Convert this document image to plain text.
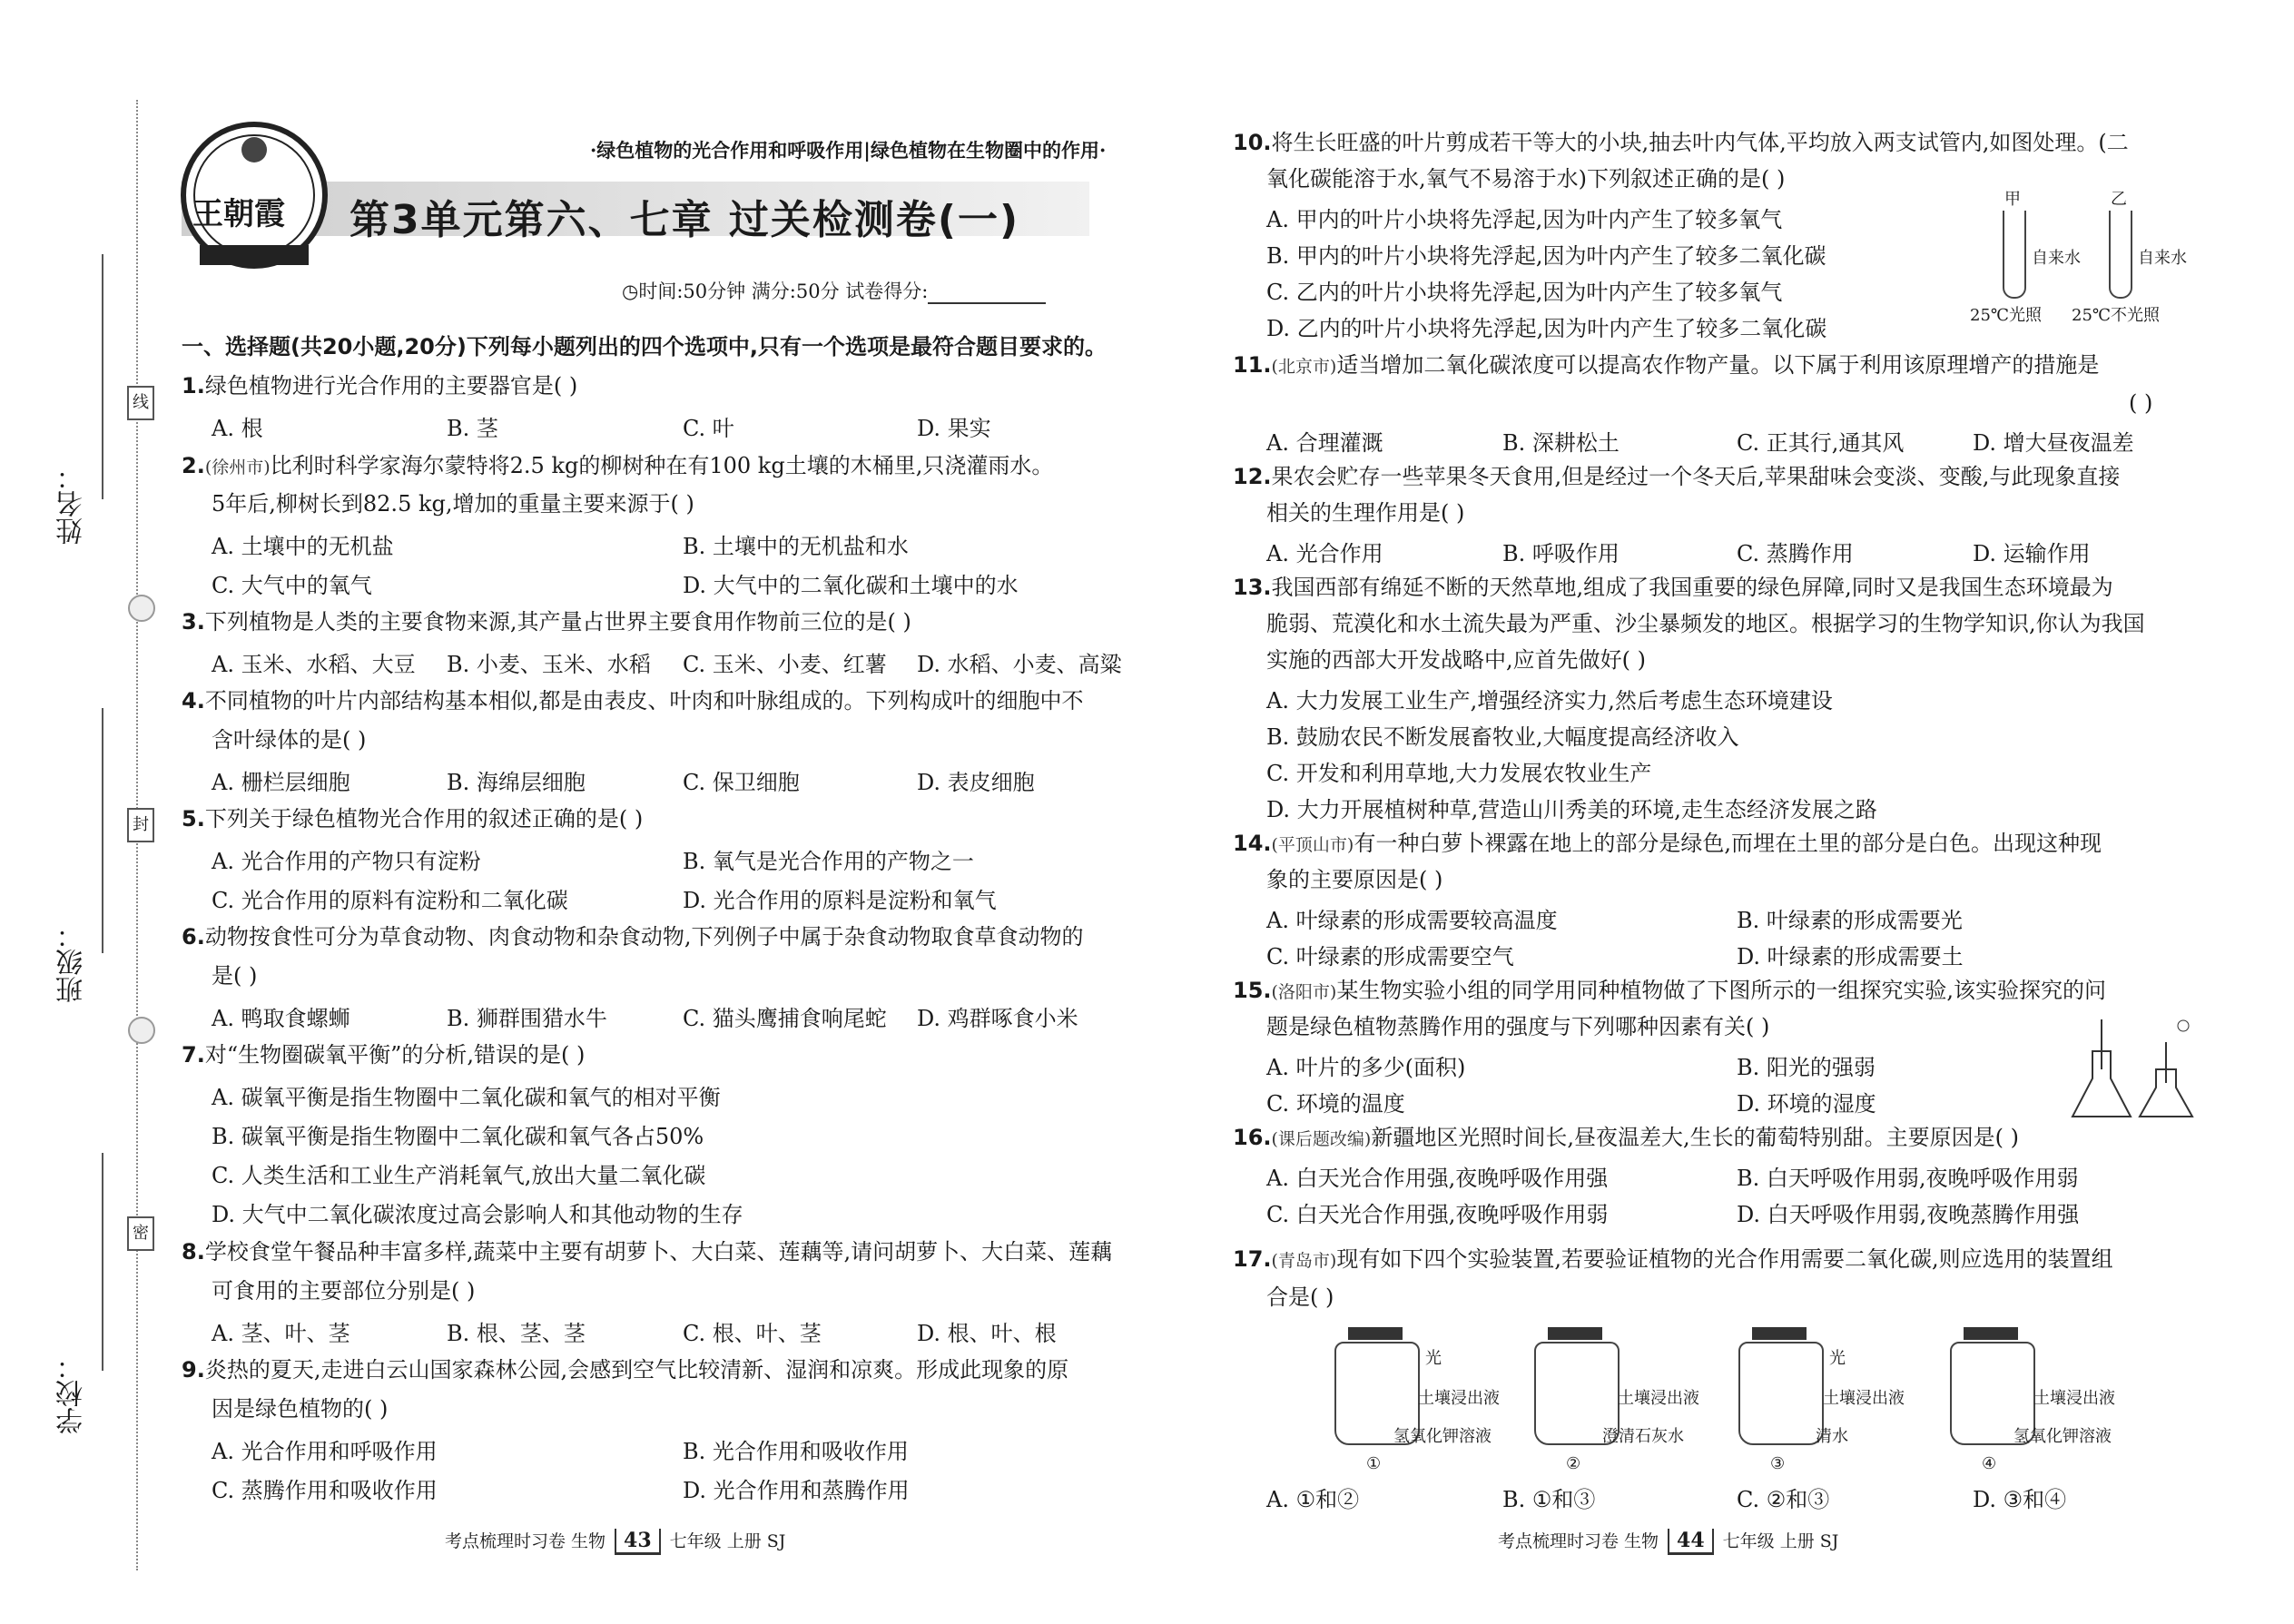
姓名：
班级：
学校：
线
封
密
王朝霞
·绿色植物的光合作用和呼吸作用|绿色植物在生物圈中的作用·
第3单元第六、七章 过关检测卷(一)
◷时间:50分钟 满分:50分 试卷得分:
一、选择题(共20小题,20分)下列每小题列出的四个选项中,只有一个选项是最符合题目要求的。
1.绿色植物进行光合作用的主要器官是( )
A. 根	B. 茎	C. 叶	D. 果实
2.(徐州市)比利时科学家海尔蒙特将2.5 kg的柳树种在有100 kg土壤的木桶里,只浇灌雨水。
5年后,柳树长到82.5 kg,增加的重量主要来源于( )
A. 土壤中的无机盐	B. 土壤中的无机盐和水
C. 大气中的氧气	D. 大气中的二氧化碳和土壤中的水
3.下列植物是人类的主要食物来源,其产量占世界主要食用作物前三位的是( )
A. 玉米、水稻、大豆 B. 小麦、玉米、水稻 C. 玉米、小麦、红薯 D. 水稻、小麦、高粱
4.不同植物的叶片内部结构基本相似,都是由表皮、叶肉和叶脉组成的。下列构成叶的细胞中不
含叶绿体的是( )
A. 栅栏层细胞	B. 海绵层细胞	C. 保卫细胞	D. 表皮细胞
5.下列关于绿色植物光合作用的叙述正确的是( )
A. 光合作用的产物只有淀粉	B. 氧气是光合作用的产物之一
C. 光合作用的原料有淀粉和二氧化碳	D. 光合作用的原料是淀粉和氧气
6.动物按食性可分为草食动物、肉食动物和杂食动物,下列例子中属于杂食动物取食草食动物的
是( )
A. 鸭取食螺蛳	B. 狮群围猎水牛	C. 猫头鹰捕食响尾蛇 D. 鸡群啄食小米
7.对“生物圈碳氧平衡”的分析,错误的是( )
A. 碳氧平衡是指生物圈中二氧化碳和氧气的相对平衡
B. 碳氧平衡是指生物圈中二氧化碳和氧气各占50%
C. 人类生活和工业生产消耗氧气,放出大量二氧化碳
D. 大气中二氧化碳浓度过高会影响人和其他动物的生存
8.学校食堂午餐品种丰富多样,蔬菜中主要有胡萝卜、大白菜、莲藕等,请问胡萝卜、大白菜、莲藕
可食用的主要部位分别是( )
A. 茎、叶、茎	B. 根、茎、茎	C. 根、叶、茎	D. 根、叶、根
9.炎热的夏天,走进白云山国家森林公园,会感到空气比较清新、湿润和凉爽。形成此现象的原
因是绿色植物的( )
A. 光合作用和呼吸作用	B. 光合作用和吸收作用
C. 蒸腾作用和吸收作用	D. 光合作用和蒸腾作用
10.将生长旺盛的叶片剪成若干等大的小块,抽去叶内气体,平均放入两支试管内,如图处理。(二
氧化碳能溶于水,氧气不易溶于水)下列叙述正确的是( )
A. 甲内的叶片小块将先浮起,因为叶内产生了较多氧气
B. 甲内的叶片小块将先浮起,因为叶内产生了较多二氧化碳
C. 乙内的叶片小块将先浮起,因为叶内产生了较多氧气
D. 乙内的叶片小块将先浮起,因为叶内产生了较多二氧化碳
甲	乙
自来水	自来水
25℃光照 25℃不光照
11.(北京市)适当增加二氧化碳浓度可以提高农作物产量。以下属于利用该原理增产的措施是
( )
A. 合理灌溉	B. 深耕松土	C. 正其行,通其风	D. 增大昼夜温差
12.果农会贮存一些苹果冬天食用,但是经过一个冬天后,苹果甜味会变淡、变酸,与此现象直接
相关的生理作用是( )
A. 光合作用	B. 呼吸作用	C. 蒸腾作用	D. 运输作用
13.我国西部有绵延不断的天然草地,组成了我国重要的绿色屏障,同时又是我国生态环境最为
脆弱、荒漠化和水土流失最为严重、沙尘暴频发的地区。根据学习的生物学知识,你认为我国
实施的西部大开发战略中,应首先做好( )
A. 大力发展工业生产,增强经济实力,然后考虑生态环境建设
B. 鼓励农民不断发展畜牧业,大幅度提高经济收入
C. 开发和利用草地,大力发展农牧业生产
D. 大力开展植树种草,营造山川秀美的环境,走生态经济发展之路
14.(平顶山市)有一种白萝卜裸露在地上的部分是绿色,而埋在土里的部分是白色。出现这种现
象的主要原因是( )
A. 叶绿素的形成需要较高温度	B. 叶绿素的形成需要光
C. 叶绿素的形成需要空气	D. 叶绿素的形成需要土
15.(洛阳市)某生物实验小组的同学用同种植物做了下图所示的一组探究实验,该实验探究的问
题是绿色植物蒸腾作用的强度与下列哪种因素有关( )
A. 叶片的多少(面积)	B. 阳光的强弱
C. 环境的温度	D. 环境的湿度
16.(课后题改编)新疆地区光照时间长,昼夜温差大,生长的葡萄特别甜。主要原因是( )
A. 白天光合作用强,夜晚呼吸作用强	B. 白天呼吸作用弱,夜晚呼吸作用弱
C. 白天光合作用强,夜晚呼吸作用弱	D. 白天呼吸作用弱,夜晚蒸腾作用强
17.(青岛市)现有如下四个实验装置,若要验证植物的光合作用需要二氧化碳,则应选用的装置组
合是( )
光
土壤浸出液
氢氧化钾溶液
①
土壤浸出液
澄清石灰水
②
光
土壤浸出液
清水
③
土壤浸出液
氢氧化钾溶液
④
A. ①和②	B. ①和③	C. ②和③	D. ③和④
考点梳理时习卷 生物 43 七年级 上册 SJ	考点梳理时习卷 生物 44 七年级 上册 SJ
